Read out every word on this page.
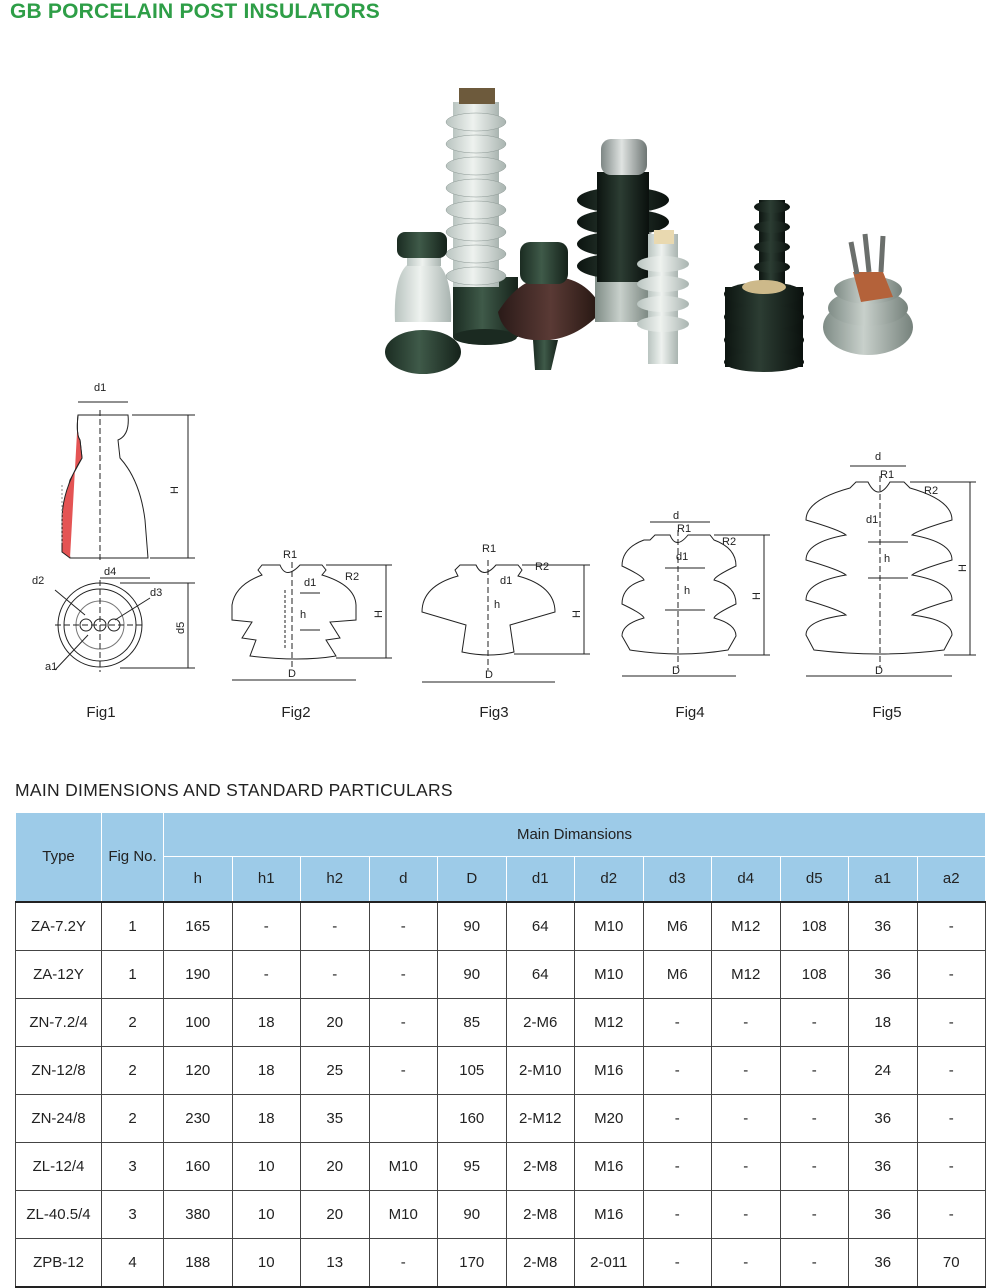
GB PORCELAIN POST INSULATORS
d1
H
d4
d2
d3
d5
a1
R1
R2
d1
h
D
H
R1
R2
d1
h
D
H
d
R1
R2
d1
h
D
H
d
R1
R2
d1
h
D
H
Fig1	Fig2	Fig3	Fig4	Fig5
MAIN DIMENSIONS AND STANDARD PARTICULARS
Type	Fig No.	Main Dimansions											
		h	h1	h2	d	D	d1	d2	d3	d4	d5	a1	a2
ZA-7.2Y	1	165	-	-	-	90	64	M10	M6	M12	108	36	-
ZA-12Y	1	190	-	-	-	90	64	M10	M6	M12	108	36	-
ZN-7.2/4	2	100	18	20	-	85	2-M6	M12	-	-	-	18	-
ZN-12/8	2	120	18	25	-	105	2-M10	M16	-	-	-	24	-
ZN-24/8	2	230	18	35		160	2-M12	M20	-	-	-	36	-
ZL-12/4	3	160	10	20	M10	95	2-M8	M16	-	-	-	36	-
ZL-40.5/4	3	380	10	20	M10	90	2-M8	M16	-	-	-	36	-
ZPB-12	4	188	10	13	-	170	2-M8	2-011	-	-	-	36	70
